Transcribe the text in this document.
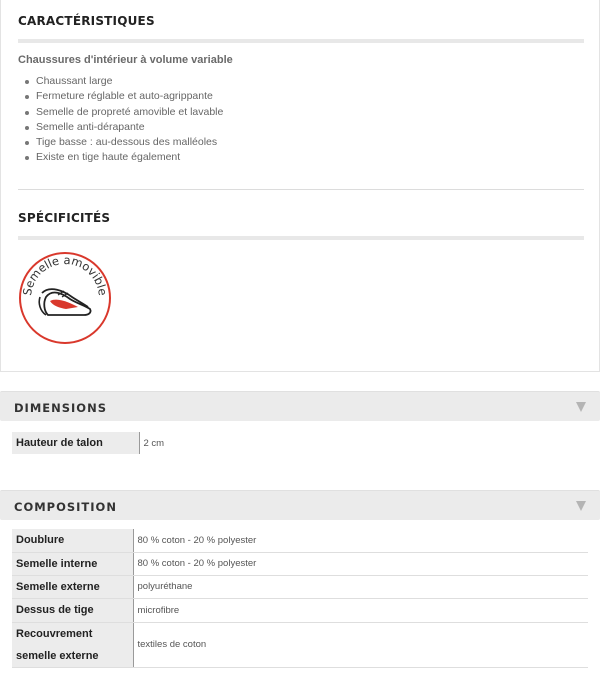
CARACTÉRISTIQUES
Chaussures d'intérieur à volume variable
Chaussant large
Fermeture réglable et auto-agrippante
Semelle de propreté amovible et lavable
Semelle anti-dérapante
Tige basse : au-dessous des malléoles
Existe en tige haute également
SPÉCIFICITÉS
Semelle amovible
DIMENSIONS
Hauteur de talon	2 cm
COMPOSITION
Doublure	80 % coton - 20 % polyester
Semelle interne	80 % coton - 20 % polyester
Semelle externe	polyuréthane
Dessus de tige	microfibre
Recouvrement semelle externe	textiles de coton
